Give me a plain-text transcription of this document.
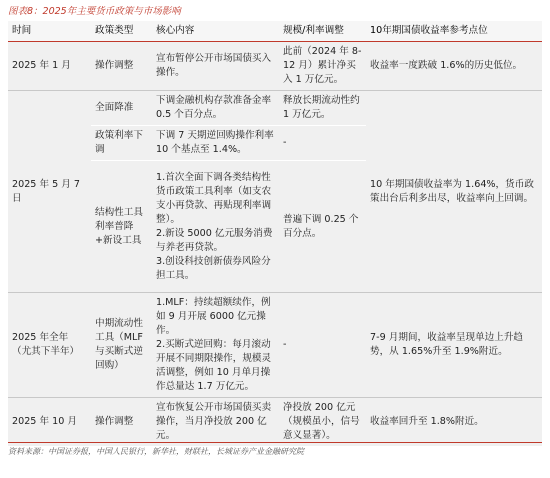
图表8：2025年主要货币政策与市场影响
时间	政策类型	核心内容	规模/利率调整	10年期国债收益率参考点位
2025 年 1 月	操作调整	宣布暂停公开市场国债买入操作。	此前（2024 年 8-12 月）累计净买入 1 万亿元。	收益率一度跌破 1.6%的历史低位。
2025 年 5 月 7 日	全面降准	下调金融机构存款准备金率 0.5 个百分点。	释放长期流动性约 1 万亿元。	10 年期国债收益率为 1.64%，货币政策出台后利多出尽，收益率向上回调。
	政策利率下调	下调 7 天期逆回购操作利率 10 个基点至 1.4%。	-	
	结构性工具利率普降+新设工具	1.首次全面下调各类结构性货币政策工具利率（如支农支小再贷款、再贴现利率调整）。
2.新设 5000 亿元服务消费与养老再贷款。
3.创设科技创新债券风险分担工具。	普遍下调 0.25 个百分点。	
2025 年全年（尤其下半年）	中期流动性工具（MLF 与买断式逆回购）	1.MLF：持续超额续作，例如 9 月开展 6000 亿元操作。
2.买断式逆回购：每月滚动开展不同期限操作，规模灵活调整，例如 10 月单月操作总量达 1.7 万亿元。	-	7-9 月期间，收益率呈现单边上升趋势，从 1.65%升至 1.9%附近。
2025 年 10 月	操作调整	宣布恢复公开市场国债买卖操作，当月净投放 200 亿元。	净投放 200 亿元（规模虽小，信号意义显著）。	收益率回升至 1.8%附近。
资料来源：中国证券报，中国人民银行，新华社，财联社，长城证券产业金融研究院
